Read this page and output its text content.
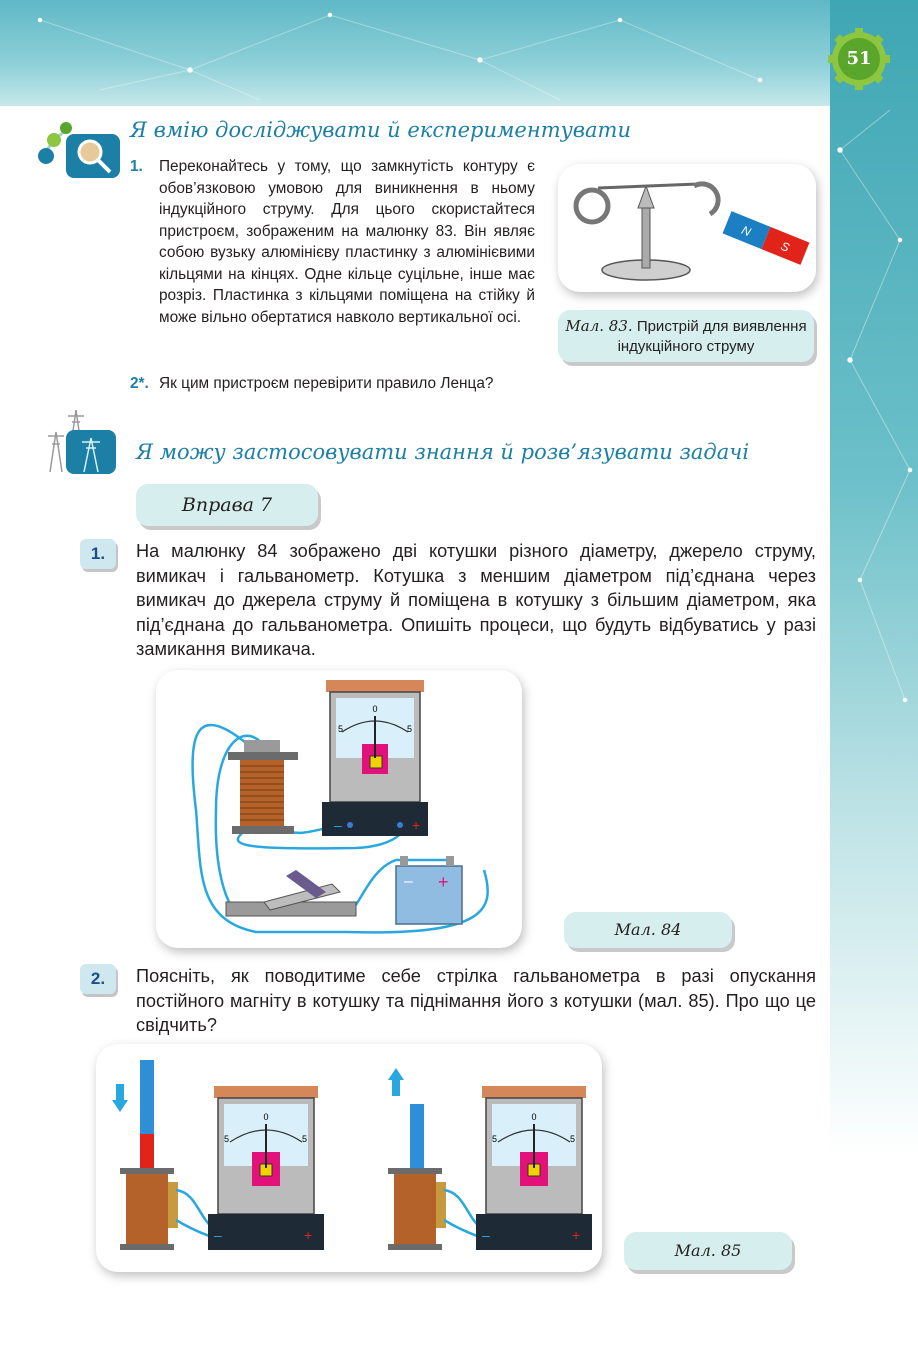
51
Я вмію досліджувати й експериментувати
1. Переконайтесь у тому, що замкнутість контуру є обов’язковою умовою для виникнення в ньому індукційного струму. Для цього скористайтеся пристроєм, зображеним на малюнку 83. Він являє собою вузьку алюмінієву пластинку з алюмінієвими кільцями на кінцях. Одне кільце суцільне, інше має розріз. Пластинка з кільцями поміщена на стійку й може вільно обертатися навколо вертикальної осі.
2*. Як цим пристроєм перевірити правило Ленца?
N
S
Мал. 83. Пристрій для виявлення індукційного струму
Я можу застосовувати знання й розв’язувати задачі
Вправа 7
1.	На малюнку 84 зображено дві котушки різного діаметру, джерело струму, вимикач і гальванометр. Котушка з меншим діаметром під’єднана через вимикач до джерела струму й поміщена в котушку з більшим діаметром, яка під’єднана до гальванометра. Опишіть процеси, що будуть відбуватись у разі замикання вимикача.
0
5	5
–	+
– +
Мал. 84
2.	Поясніть, як поводитиме себе стрілка гальванометра в разі опускання постійного магніту в котушку та піднімання його з котушки (мал. 85). Про що це свідчить?
0
5	5
–	+
0
5	5
–	+
Мал. 85
